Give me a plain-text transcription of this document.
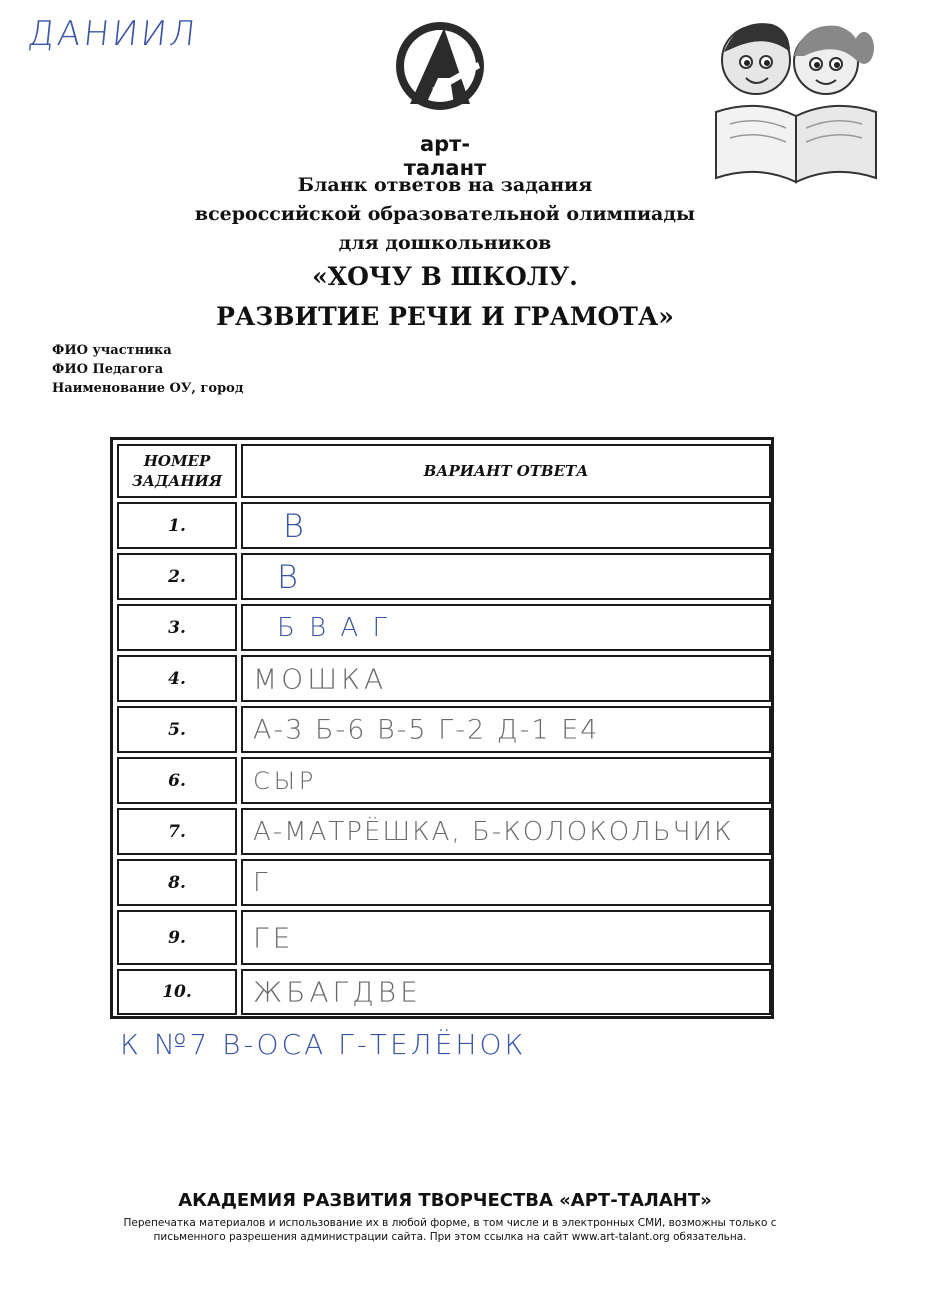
ДАНИИЛ
арт-талант
Бланк ответов на задания
всероссийской образовательной олимпиады
для дошкольников
«ХОЧУ В ШКОЛУ.
РАЗВИТИЕ РЕЧИ И ГРАМОТА»
ФИО участника
ФИО Педагога
Наименование ОУ, город
НОМЕР
ЗАДАНИЯ
ВАРИАНТ ОТВЕТА
1.	В
2.	В
3.	Б В А Г
4.	МОШКА
5.	А-3 Б-6 В-5 Г-2 Д-1 Е4
6.	СЫР
7.	А-МАТРЁШКА, Б-КОЛОКОЛЬЧИК
8.	Г
9.	ГЕ
10.	ЖБАГДВЕ
К №7 В-ОСА Г-ТЕЛЁНОК
АКАДЕМИЯ РАЗВИТИЯ ТВОРЧЕСТВА «АРТ-ТАЛАНТ»
Перепечатка материалов и использование их в любой форме, в том числе и в электронных СМИ, возможны только с
письменного разрешения администрации сайта. При этом ссылка на сайт www.art-talant.org обязательна.
